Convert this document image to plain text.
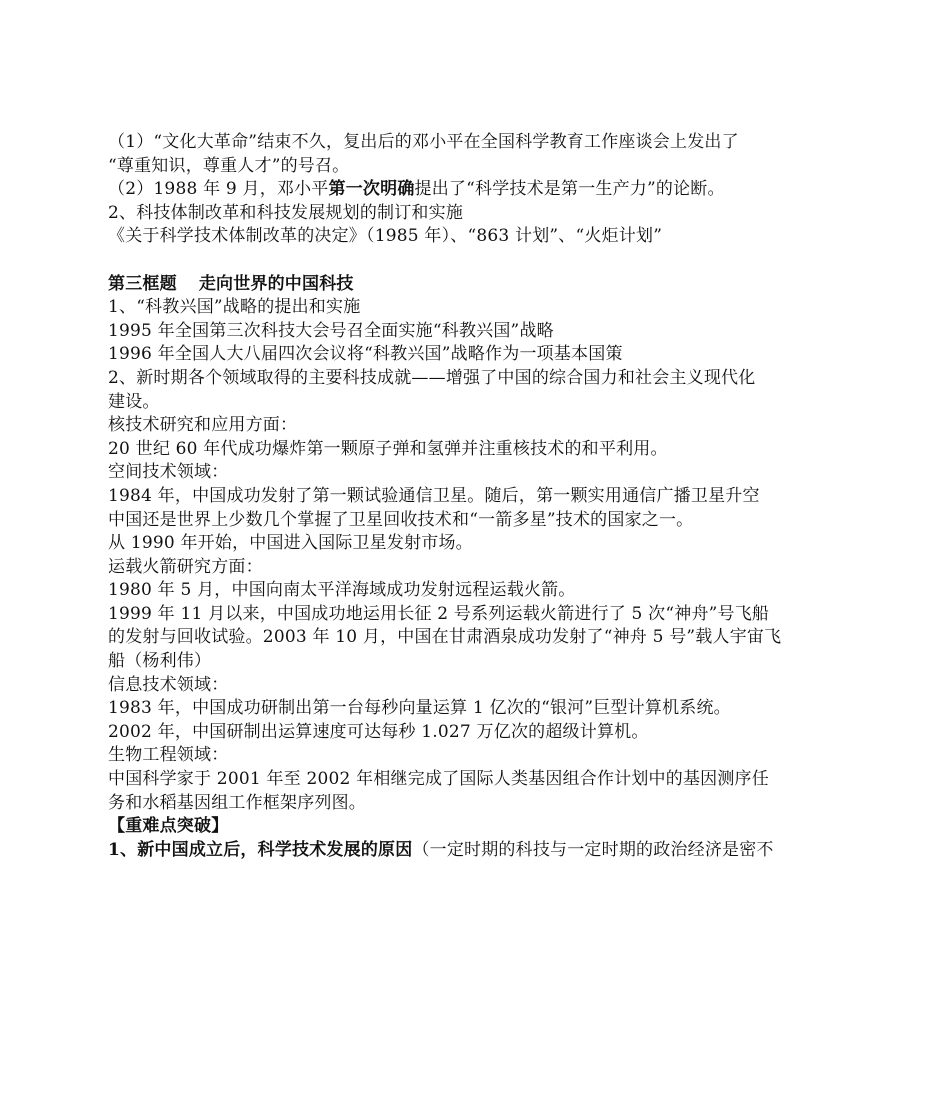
（1）“文化大革命”结束不久，复出后的邓小平在全国科学教育工作座谈会上发出了
“尊重知识，尊重人才”的号召。
（2）1988 年 9 月，邓小平第一次明确提出了“科学技术是第一生产力”的论断。
2、科技体制改革和科技发展规划的制订和实施
《关于科学技术体制改革的决定》（1985 年）、“863 计划”、“火炬计划”
第三框题 走向世界的中国科技
1、“科教兴国”战略的提出和实施
1995 年全国第三次科技大会号召全面实施“科教兴国”战略
1996 年全国人大八届四次会议将“科教兴国”战略作为一项基本国策
2、新时期各个领域取得的主要科技成就——增强了中国的综合国力和社会主义现代化
建设。
核技术研究和应用方面：
20 世纪 60 年代成功爆炸第一颗原子弹和氢弹并注重核技术的和平利用。
空间技术领域：
1984 年，中国成功发射了第一颗试验通信卫星。随后，第一颗实用通信广播卫星升空
中国还是世界上少数几个掌握了卫星回收技术和“一箭多星”技术的国家之一。
从 1990 年开始，中国进入国际卫星发射市场。
运载火箭研究方面：
1980 年 5 月，中国向南太平洋海域成功发射远程运载火箭。
1999 年 11 月以来，中国成功地运用长征 2 号系列运载火箭进行了 5 次“神舟”号飞船
的发射与回收试验。2003 年 10 月，中国在甘肃酒泉成功发射了“神舟 5 号”载人宇宙飞
船（杨利伟）
信息技术领域：
1983 年，中国成功研制出第一台每秒向量运算 1 亿次的“银河”巨型计算机系统。
2002 年，中国研制出运算速度可达每秒 1.027 万亿次的超级计算机。
生物工程领域：
中国科学家于 2001 年至 2002 年相继完成了国际人类基因组合作计划中的基因测序任
务和水稻基因组工作框架序列图。
【重难点突破】
1、新中国成立后，科学技术发展的原因（一定时期的科技与一定时期的政治经济是密不
